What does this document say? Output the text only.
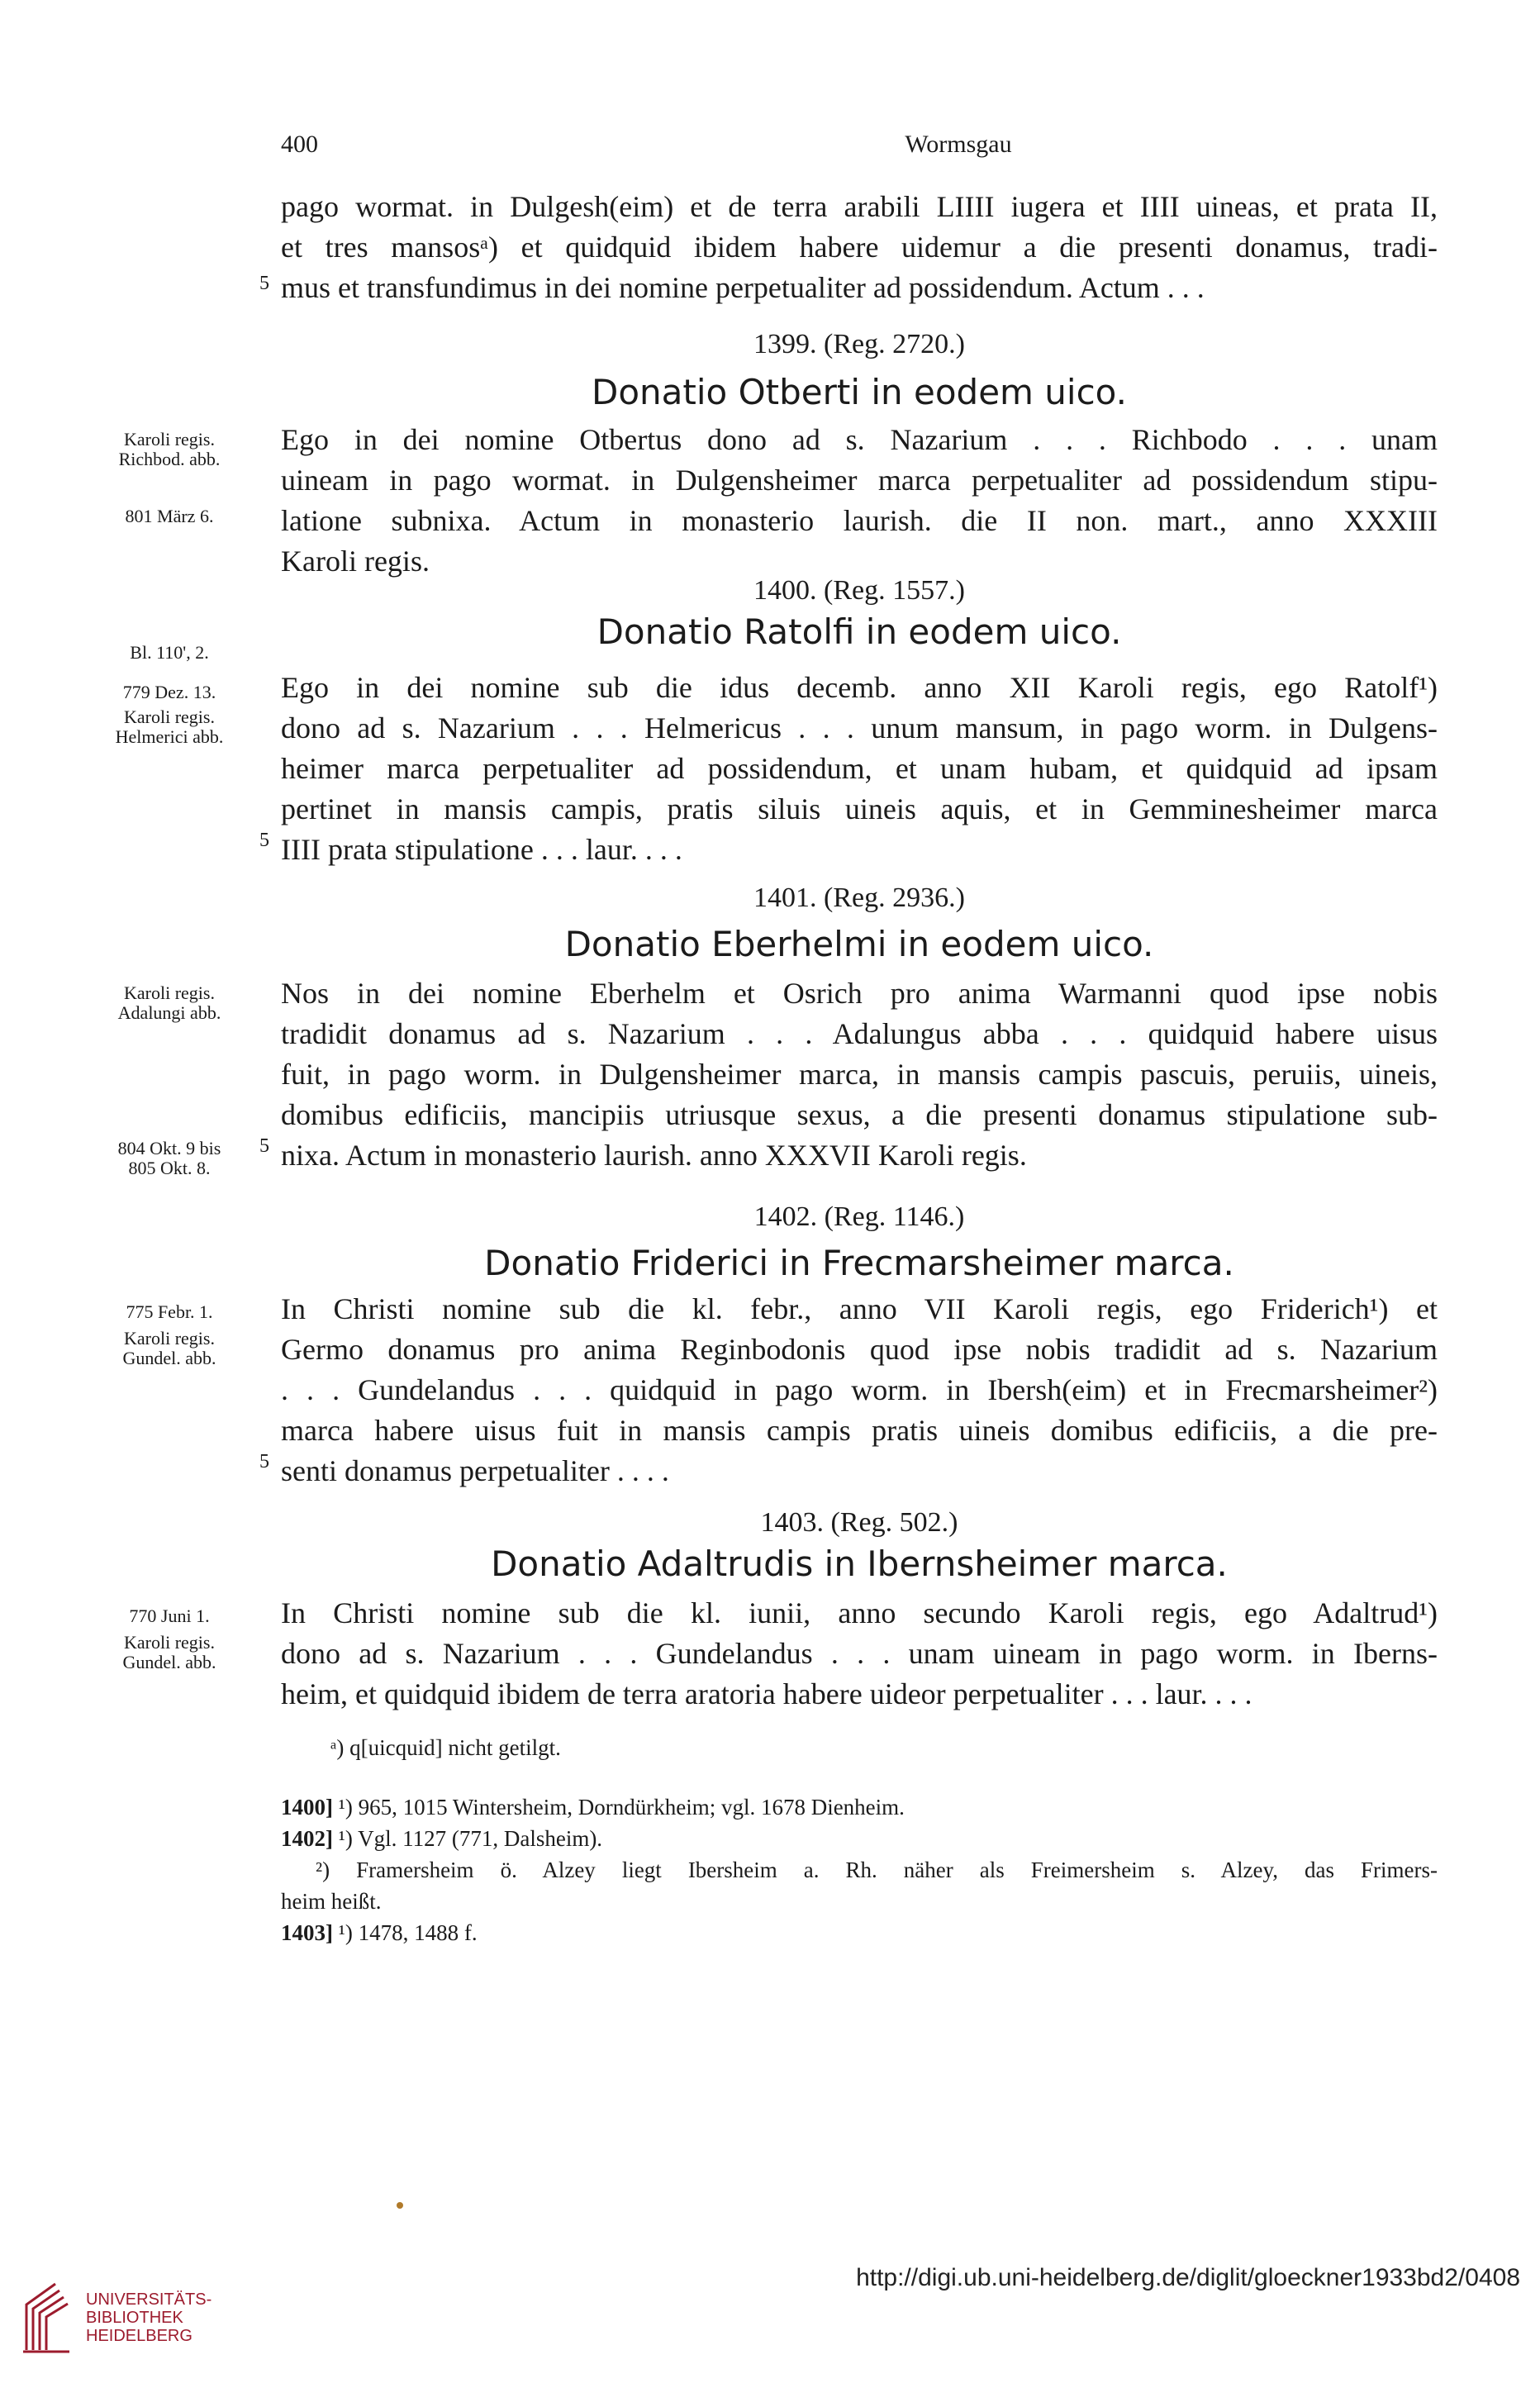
400	Wormsgau
pago wormat. in Dulgesh(eim) et de terra arabili LIIII iugera et IIII uineas, et prata II,
et tres mansosᵃ) et quidquid ibidem habere uidemur a die presenti donamus, tradi-
mus et transfundimus in dei nomine perpetualiter ad possidendum. Actum . . .
5
1399. (Reg. 2720.)
Donatio Otberti in eodem uico.
Karoli regis.
Richbod. abb.
801 März 6.
Ego in dei nomine Otbertus dono ad s. Nazarium . . . Richbodo . . . unam
uineam in pago wormat. in Dulgensheimer marca perpetualiter ad possidendum stipu-
latione subnixa. Actum in monasterio laurish. die II non. mart., anno XXXIII
Karoli regis.
1400. (Reg. 1557.)
Donatio Ratolfi in eodem uico.
Bl. 110', 2.
779 Dez. 13.
Karoli regis.
Helmerici abb.
Ego in dei nomine sub die idus decemb. anno XII Karoli regis, ego Ratolf¹)
dono ad s. Nazarium . . . Helmericus . . . unum mansum, in pago worm. in Dulgens-
heimer marca perpetualiter ad possidendum, et unam hubam, et quidquid ad ipsam
pertinet in mansis campis, pratis siluis uineis aquis, et in Gemminesheimer marca
IIII prata stipulatione . . . laur. . . .
5
1401. (Reg. 2936.)
Donatio Eberhelmi in eodem uico.
Karoli regis.
Adalungi abb.
804 Okt. 9 bis
805 Okt. 8.
Nos in dei nomine Eberhelm et Osrich pro anima Warmanni quod ipse nobis
tradidit donamus ad s. Nazarium . . . Adalungus abba . . . quidquid habere uisus
fuit, in pago worm. in Dulgensheimer marca, in mansis campis pascuis, peruiis, uineis,
domibus edificiis, mancipiis utriusque sexus, a die presenti donamus stipulatione sub-
nixa. Actum in monasterio laurish. anno XXXVII Karoli regis.
5
1402. (Reg. 1146.)
Donatio Friderici in Frecmarsheimer marca.
775 Febr. 1.
Karoli regis.
Gundel. abb.
In Christi nomine sub die kl. febr., anno VII Karoli regis, ego Friderich¹) et
Germo donamus pro anima Reginbodonis quod ipse nobis tradidit ad s. Nazarium
. . . Gundelandus . . . quidquid in pago worm. in Ibersh(eim) et in Frecmarsheimer²)
marca habere uisus fuit in mansis campis pratis uineis domibus edificiis, a die pre-
senti donamus perpetualiter . . . .
5
1403. (Reg. 502.)
Donatio Adaltrudis in Ibernsheimer marca.
770 Juni 1.
Karoli regis.
Gundel. abb.
In Christi nomine sub die kl. iunii, anno secundo Karoli regis, ego Adaltrud¹)
dono ad s. Nazarium . . . Gundelandus . . . unam uineam in pago worm. in Iberns-
heim, et quidquid ibidem de terra aratoria habere uideor perpetualiter . . . laur. . . .
ᵃ) q[uicquid] nicht getilgt.
1400] ¹) 965, 1015 Wintersheim, Dorndürkheim; vgl. 1678 Dienheim.
1402] ¹) Vgl. 1127 (771, Dalsheim).
²) Framersheim ö. Alzey liegt Ibersheim a. Rh. näher als Freimersheim s. Alzey, das Frimers-
heim heißt.
1403] ¹) 1478, 1488 f.
UNIVERSITÄTS-
BIBLIOTHEK
HEIDELBERG
http://digi.ub.uni-heidelberg.de/diglit/gloeckner1933bd2/0408
